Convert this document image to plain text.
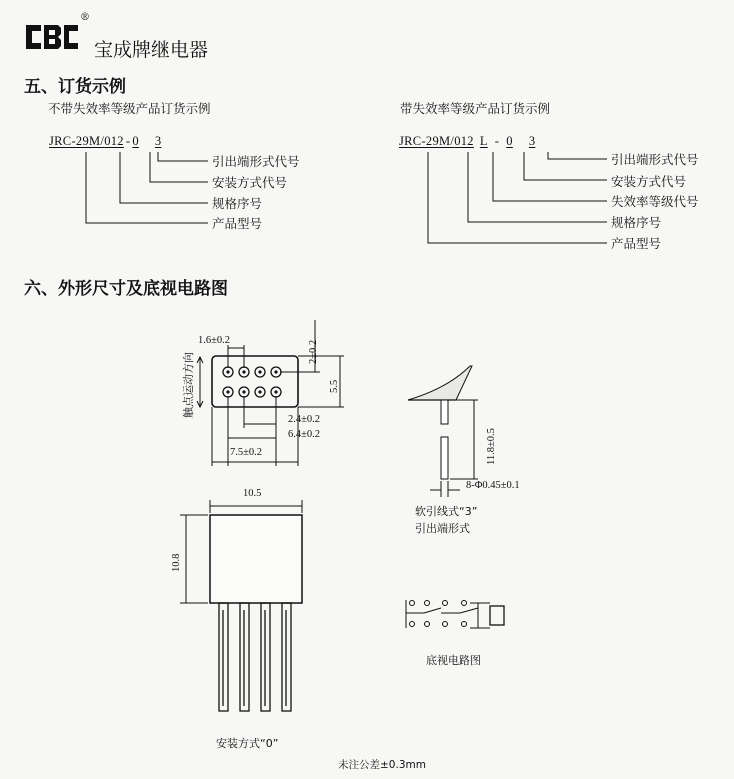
®
宝成牌继电器
五、订货示例
不带失效率等级产品订货示例
JRC-29M/012 - 0 3
引出端形式代号
安装方式代号
规格序号
产品型号
带失效率等级产品订货示例
JRC-29M/012 L - 0 3
引出端形式代号
安装方式代号
失效率等级代号
规格序号
产品型号
六、外形尺寸及底视电路图
1.6±0.2	2±0.2
5.5
2.4±0.2
6.4±0.2
7.5±0.2
触点运动方向
11.8±0.5
8-Φ0.45±0.1
软引线式“3”
引出端形式
10.5
10.8
安装方式“0”
底视电路图
未注公差±0.3mm
